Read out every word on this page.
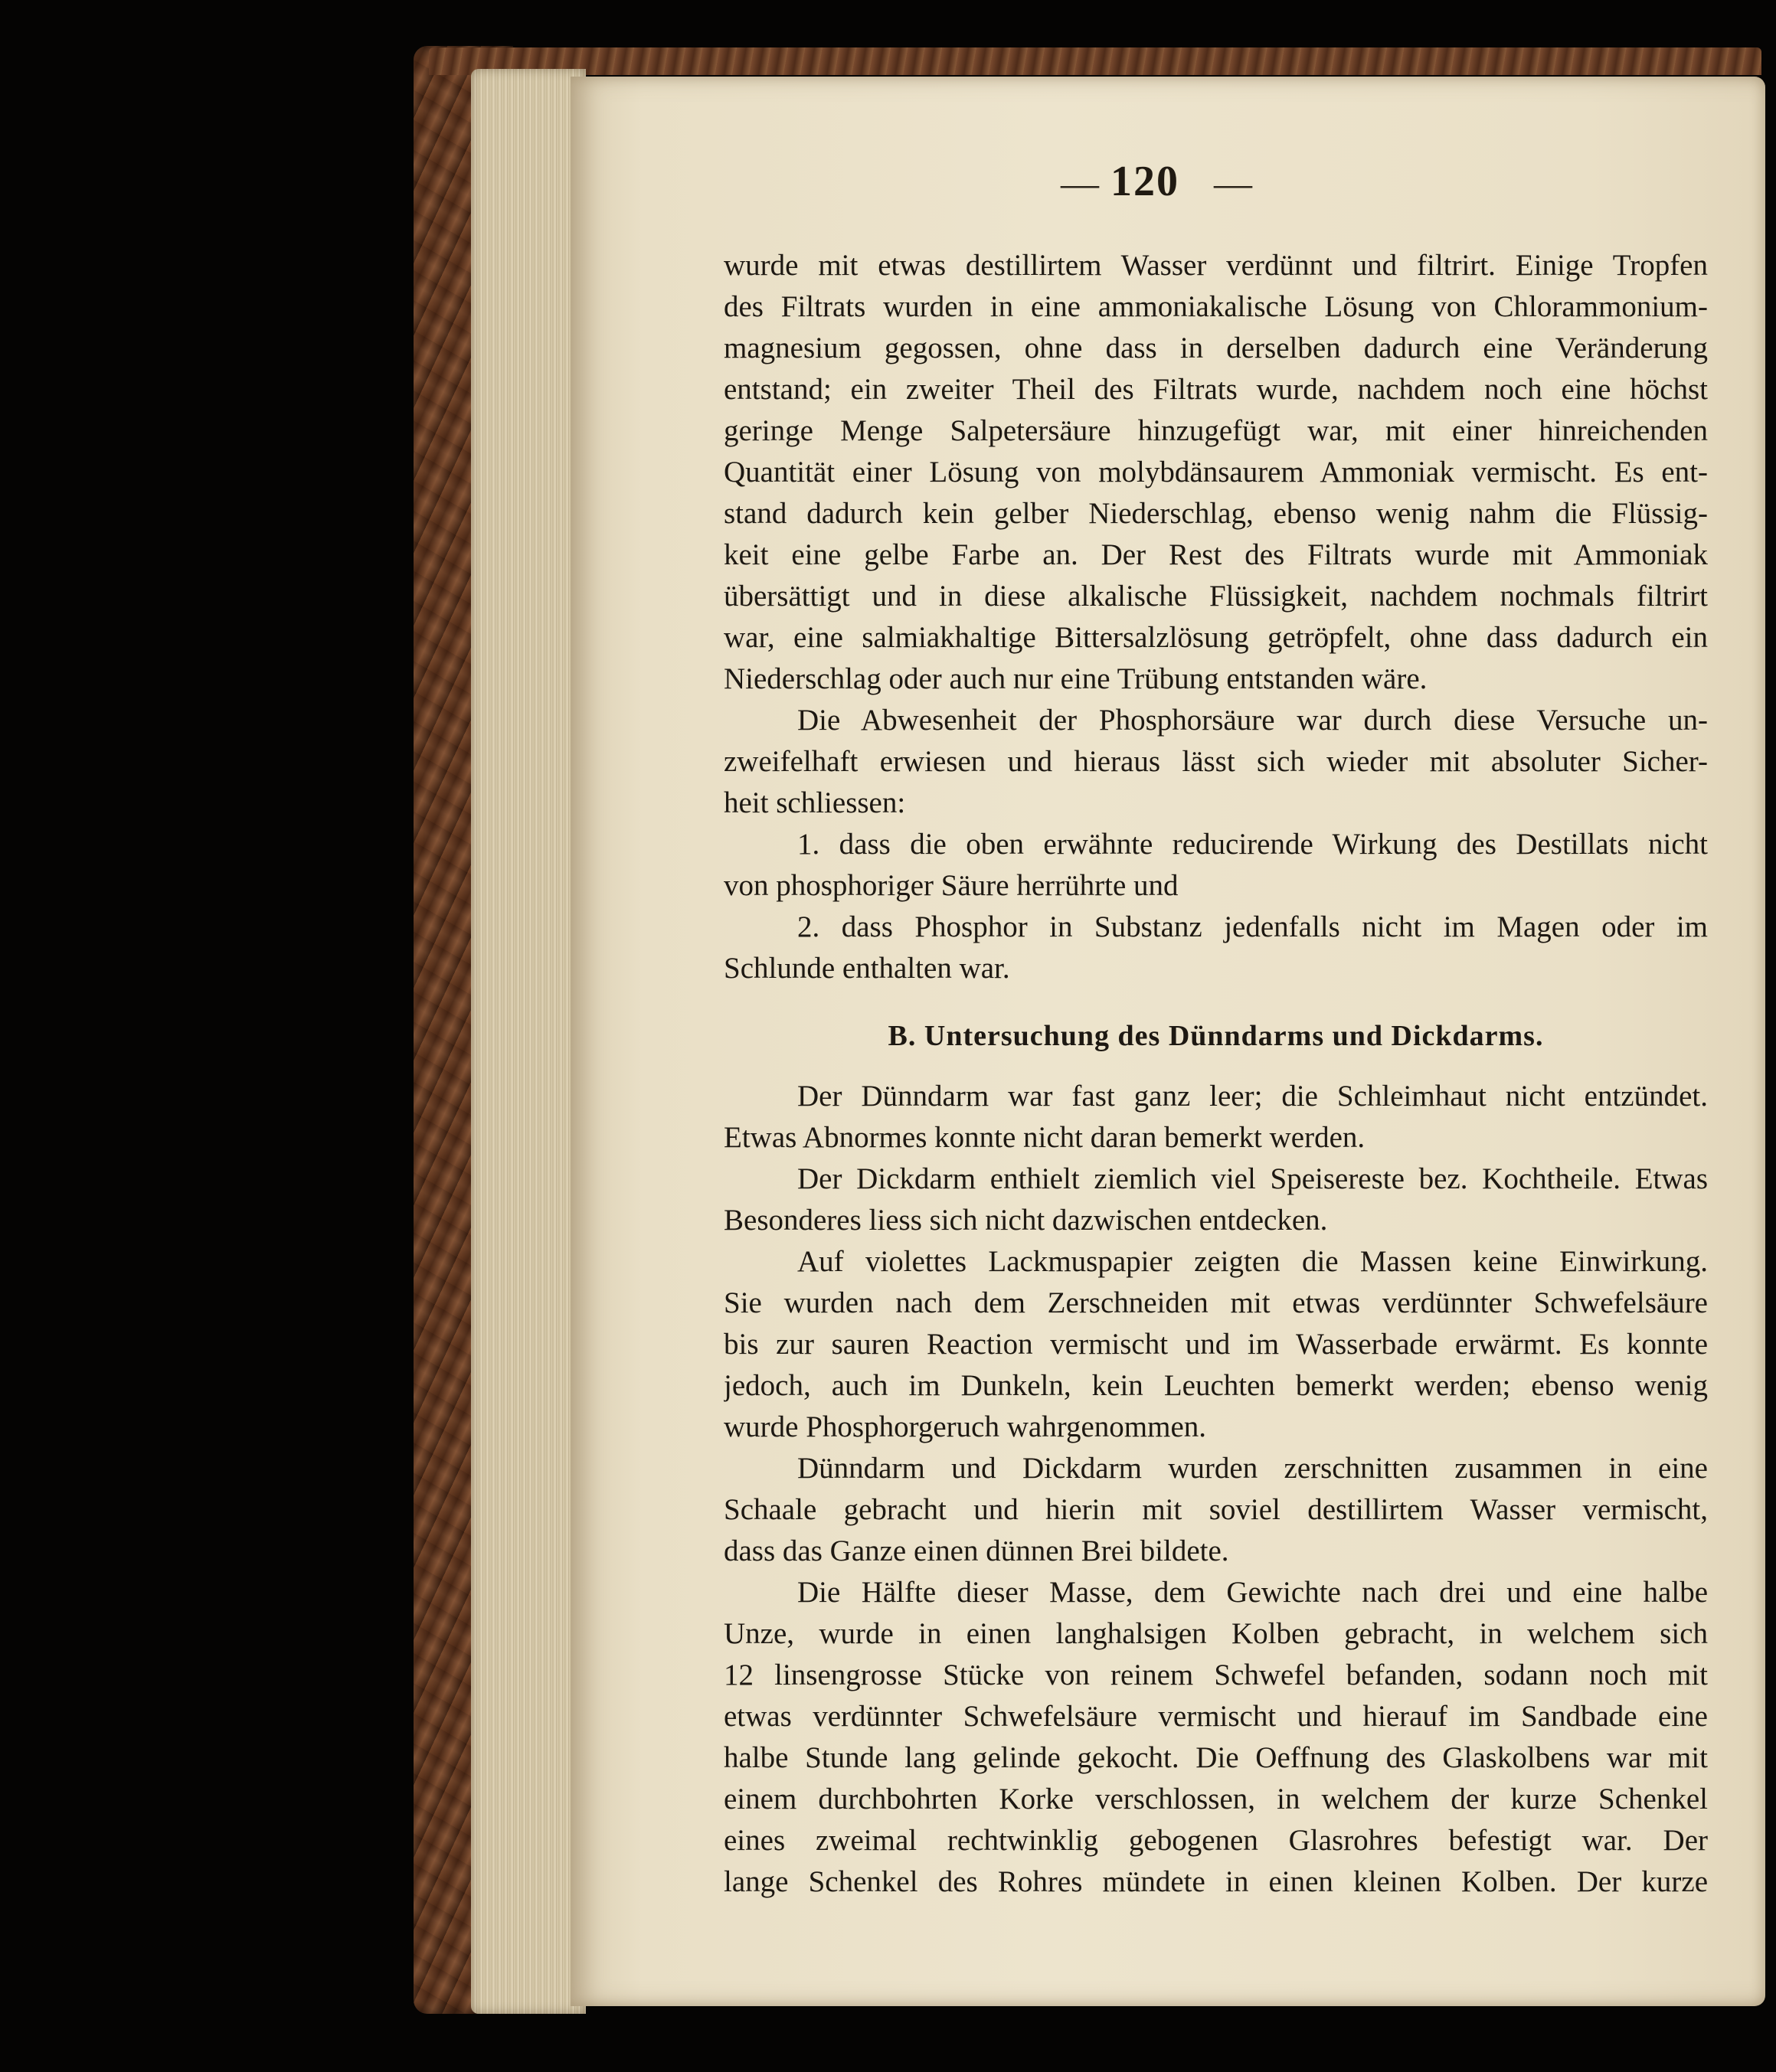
— 120 —
wurde mit etwas destillirtem Wasser verdünnt und filtrirt. Einige Tropfen
des Filtrats wurden in eine ammoniakalische Lösung von Chlorammonium-
magnesium gegossen, ohne dass in derselben dadurch eine Veränderung
entstand; ein zweiter Theil des Filtrats wurde, nachdem noch eine höchst
geringe Menge Salpetersäure hinzugefügt war, mit einer hinreichenden
Quantität einer Lösung von molybdänsaurem Ammoniak vermischt. Es ent-
stand dadurch kein gelber Niederschlag, ebenso wenig nahm die Flüssig-
keit eine gelbe Farbe an. Der Rest des Filtrats wurde mit Ammoniak
übersättigt und in diese alkalische Flüssigkeit, nachdem nochmals filtrirt
war, eine salmiakhaltige Bittersalzlösung getröpfelt, ohne dass dadurch ein
Niederschlag oder auch nur eine Trübung entstanden wäre.
Die Abwesenheit der Phosphorsäure war durch diese Versuche un-
zweifelhaft erwiesen und hieraus lässt sich wieder mit absoluter Sicher-
heit schliessen:
1. dass die oben erwähnte reducirende Wirkung des Destillats nicht
von phosphoriger Säure herrührte und
2. dass Phosphor in Substanz jedenfalls nicht im Magen oder im
Schlunde enthalten war.
B. Untersuchung des Dünndarms und Dickdarms.
Der Dünndarm war fast ganz leer; die Schleimhaut nicht entzündet.
Etwas Abnormes konnte nicht daran bemerkt werden.
Der Dickdarm enthielt ziemlich viel Speisereste bez. Kochtheile. Etwas
Besonderes liess sich nicht dazwischen entdecken.
Auf violettes Lackmuspapier zeigten die Massen keine Einwirkung.
Sie wurden nach dem Zerschneiden mit etwas verdünnter Schwefelsäure
bis zur sauren Reaction vermischt und im Wasserbade erwärmt. Es konnte
jedoch, auch im Dunkeln, kein Leuchten bemerkt werden; ebenso wenig
wurde Phosphorgeruch wahrgenommen.
Dünndarm und Dickdarm wurden zerschnitten zusammen in eine
Schaale gebracht und hierin mit soviel destillirtem Wasser vermischt,
dass das Ganze einen dünnen Brei bildete.
Die Hälfte dieser Masse, dem Gewichte nach drei und eine halbe
Unze, wurde in einen langhalsigen Kolben gebracht, in welchem sich
12 linsengrosse Stücke von reinem Schwefel befanden, sodann noch mit
etwas verdünnter Schwefelsäure vermischt und hierauf im Sandbade eine
halbe Stunde lang gelinde gekocht. Die Oeffnung des Glaskolbens war mit
einem durchbohrten Korke verschlossen, in welchem der kurze Schenkel
eines zweimal rechtwinklig gebogenen Glasrohres befestigt war. Der
lange Schenkel des Rohres mündete in einen kleinen Kolben. Der kurze
